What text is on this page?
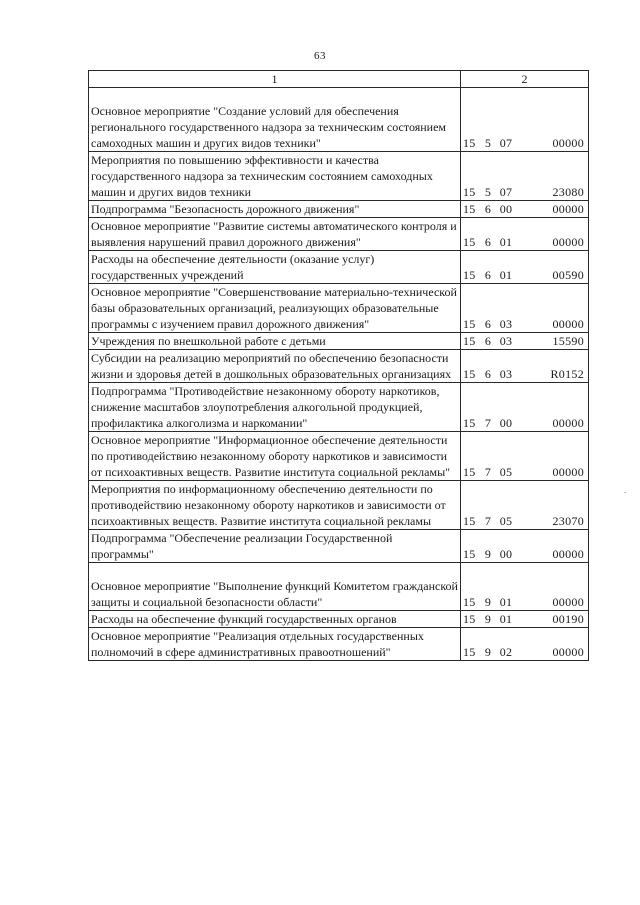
63
1	2

Основное мероприятие "Создание условий для обеспечения регионального государственного надзора за техническим состоянием самоходных машин и других видов техники"	15 5 07 00000

Мероприятия по повышению эффективности и качества государственного надзора за техническим состоянием самоходных машин и других видов техники	15 5 07 23080

Подпрограмма "Безопасность дорожного движения"	15 6 00 00000

Основное мероприятие "Развитие системы автоматического контроля и выявления нарушений правил дорожного движения"	15 6 01 00000

Расходы на обеспечение деятельности (оказание услуг) государственных учреждений	15 6 01 00590

Основное мероприятие "Совершенствование материально-технической базы образовательных организаций, реализующих образовательные программы с изучением правил дорожного движения"	15 6 03 00000

Учреждения по внешкольной работе с детьми	15 6 03 15590

Субсидии на реализацию мероприятий по обеспечению безопасности жизни и здоровья детей в дошкольных образовательных организациях	15 6 03 R0152

Подпрограмма "Противодействие незаконному обороту наркотиков, снижение масштабов злоупотребления алкогольной продукцией, профилактика алкоголизма и наркомании"	15 7 00 00000

Основное мероприятие "Информационное обеспечение деятельности по противодействию незаконному обороту наркотиков и зависимости от психоактивных веществ. Развитие института социальной рекламы"	15 7 05 00000

Мероприятия по информационному обеспечению деятельности по противодействию незаконному обороту наркотиков и зависимости от психоактивных веществ. Развитие института социальной рекламы	15 7 05 23070

Подпрограмма "Обеспечение реализации Государственной программы"	15 9 00 00000

Основное мероприятие "Выполнение функций Комитетом гражданской защиты и социальной безопасности области"	15 9 01 00000

Расходы на обеспечение функций государственных органов	15 9 01 00190

Основное мероприятие "Реализация отдельных государственных полномочий в сфере административных правоотношений"	15 9 02 00000
.
